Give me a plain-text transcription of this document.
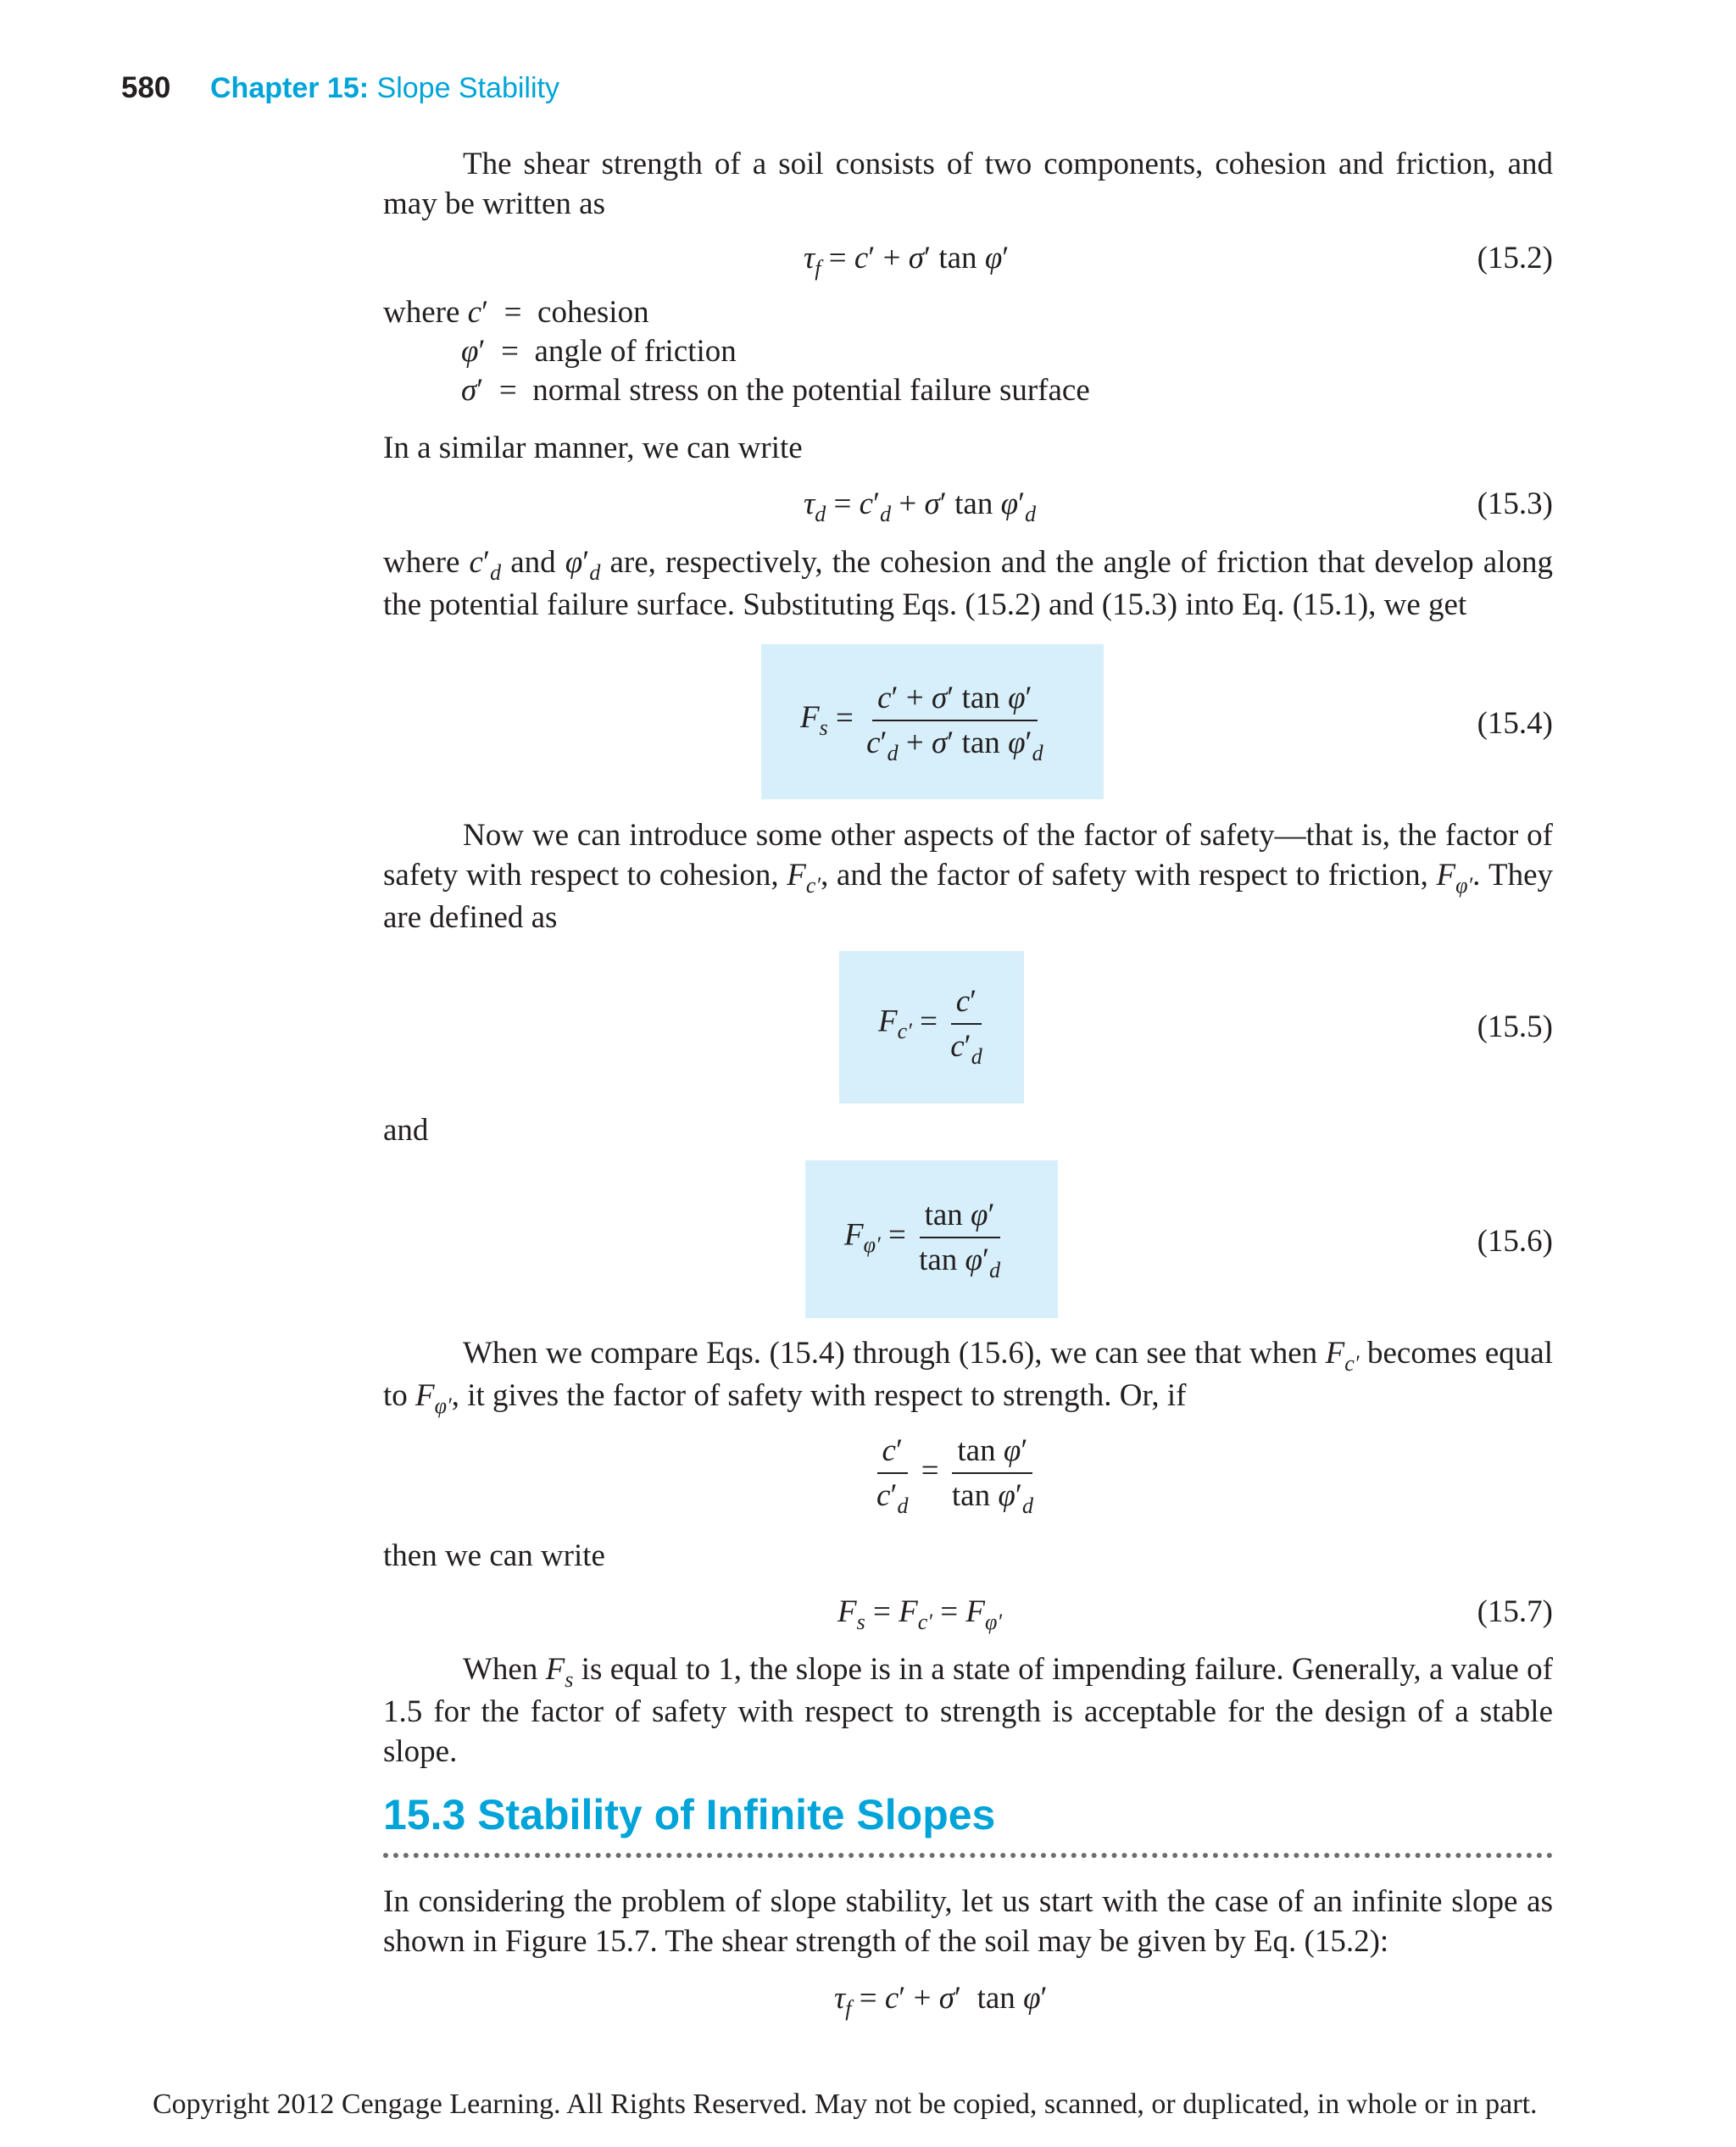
580 Chapter 15: Slope Stability
The shear strength of a soil consists of two components, cohesion and friction, and may be written as
$\tau_f = c' + \sigma'$ tan φ′	(15.2)
where c′  =  cohesion
φ′  =  angle of friction
σ′  =  normal stress on the potential failure surface
In a similar manner, we can write
$\tau_d = c'_d + \sigma'$ $\tan \varphi'_d$	(15.3)
where $c'_d$ and $\varphi'_d$ are, respectively, the cohesion and the angle of friction that develop along the potential failure surface. Substituting Eqs. (15.2) and (15.3) into Eq. (15.1), we get
$F_s = \frac{\text{c′ + σ′ tan φ′}}{c'_d + \sigma' \tan \varphi'_d}$	(15.4)
Now we can introduce some other aspects of the factor of safety—that is, the factor of safety with respect to cohesion, $F_{c'}$, and the factor of safety with respect to friction, $F_{\varphi'}$. They are defined as
$F_{c'} = \frac{c'}{c'_d}$	(15.5)
and
$F_{\varphi'} = \frac{\text{tan φ′}}{\tan \varphi'_d}$	(15.6)
When we compare Eqs. (15.4) through (15.6), we can see that when $F_{c'}$ becomes equal to $F_{\varphi'}$, it gives the factor of safety with respect to strength. Or, if
$\frac{c'}{c'_d} = \frac{\text{tan φ′}}{\tan \varphi'_d}$
then we can write
$F_s = F_{c'} = F_{\varphi'}$	(15.7)
When $F_s$ is equal to 1, the slope is in a state of impending failure. Generally, a value of 1.5 for the factor of safety with respect to strength is acceptable for the design of a stable slope.
15.3 Stability of Infinite Slopes
In considering the problem of slope stability, let us start with the case of an infinite slope as shown in Figure 15.7. The shear strength of the soil may be given by Eq. (15.2):
$\tau_f = c' + \sigma'$  tan φ′
Copyright 2012 Cengage Learning. All Rights Reserved. May not be copied, scanned, or duplicated, in whole or in part.
